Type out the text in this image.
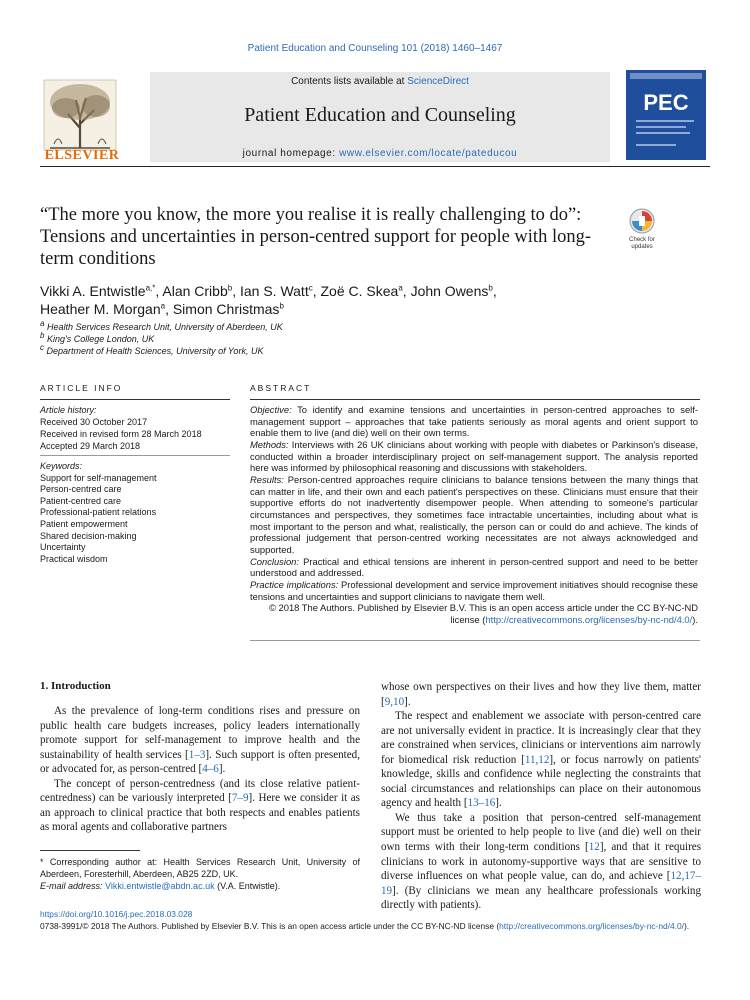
Patient Education and Counseling 101 (2018) 1460–1467
ELSEVIER
Contents lists available at ScienceDirect
Patient Education and Counseling
journal homepage: www.elsevier.com/locate/pateducou
PEC
“The more you know, the more you realise it is really challenging to do”: Tensions and uncertainties in person-centred support for people with long-term conditions
Check for updates
Vikki A. Entwistle$^{a,*}$, Alan Cribb$^b$, Ian S. Watt$^c$, Zoë C. Skea$^a$, John Owens$^b$,
Heather M. Morgan$^a$, Simon Christmas$^b$
a Health Services Research Unit, University of Aberdeen, UK
b King's College London, UK
c Department of Health Sciences, University of York, UK
ARTICLE INFO
Article history:
Received 30 October 2017
Received in revised form 28 March 2018
Accepted 29 March 2018
Keywords:
Support for self-management
Person-centred care
Patient-centred care
Professional-patient relations
Patient empowerment
Shared decision-making
Uncertainty
Practical wisdom
ABSTRACT

Objective: To identify and examine tensions and uncertainties in person-centred approaches to self-management support – approaches that take patients seriously as moral agents and orient support to enable them to live (and die) well on their own terms.

Methods: Interviews with 26 UK clinicians about working with people with diabetes or Parkinson's disease, conducted within a broader interdisciplinary project on self-management support. The analysis reported here was informed by philosophical reasoning and discussions with stakeholders.

Results: Person-centred approaches require clinicians to balance tensions between the many things that can matter in life, and their own and each patient's perspectives on these. Clinicians must ensure that their supportive efforts do not inadvertently disempower people. When attending to someone's particular circumstances and perspectives, they sometimes face intractable uncertainties, including about what is most important to the person and what, realistically, the person can or could do and achieve. The kinds of professional judgement that person-centred working necessitates are not always acknowledged and supported.

Conclusion: Practical and ethical tensions are inherent in person-centred support and need to be better understood and addressed.

Practice implications: Professional development and service improvement initiatives should recognise these tensions and uncertainties and support clinicians to navigate them well.

© 2018 The Authors. Published by Elsevier B.V. This is an open access article under the CC BY-NC-ND license (http://creativecommons.org/licenses/by-nc-nd/4.0/).

1. Introduction

As the prevalence of long-term conditions rises and pressure on public health care budgets increases, policy leaders internationally promote support for self-management to improve health and the sustainability of health services [1–3]. Such support is often presented, or advocated for, as person-centred [4–6].

The concept of person-centredness (and its close relative patient-centredness) can be variously interpreted [7–9]. Here we consider it as an approach to clinical practice that both respects and enables patients as moral agents and collaborative partners

whose own perspectives on their lives and how they live them, matter [9,10].

The respect and enablement we associate with person-centred care are not universally evident in practice. It is increasingly clear that they are constrained when services, clinicians or interventions aim narrowly for biomedical risk reduction [11,12], or focus narrowly on patients' knowledge, skills and confidence while neglecting the constraints that social circumstances and relationships can place on their autonomous agency and health [13–16].

We thus take a position that person-centred self-management support must be oriented to help people to live (and die) well on their own terms with their long-term conditions [12], and that it requires clinicians to work in autonomy-supportive ways that are sensitive to diverse influences on what people value, can do, and achieve [12,17–19]. (By clinicians we mean any healthcare professionals working directly with patients).

* Corresponding author at: Health Services Research Unit, University of Aberdeen, Foresterhill, Aberdeen, AB25 2ZD, UK.
E-mail address: Vikki.entwistle@abdn.ac.uk (V.A. Entwistle).
https://doi.org/10.1016/j.pec.2018.03.028
0738-3991/© 2018 The Authors. Published by Elsevier B.V. This is an open access article under the CC BY-NC-ND license (http://creativecommons.org/licenses/by-nc-nd/4.0/).
